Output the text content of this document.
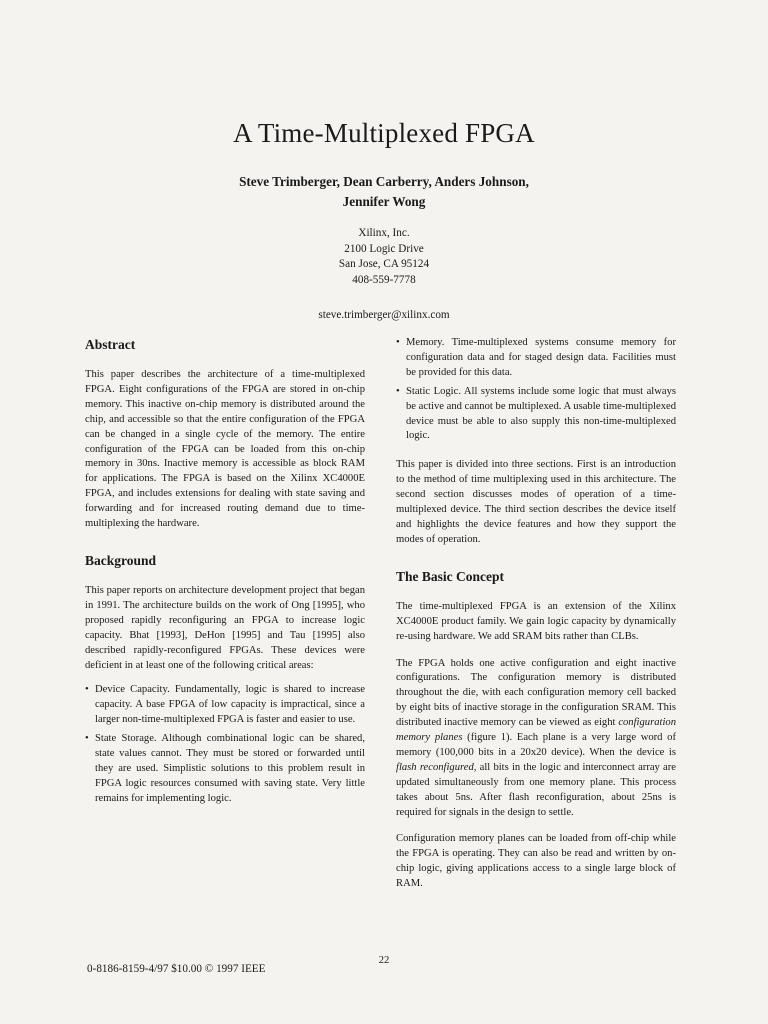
A Time-Multiplexed FPGA
Steve Trimberger, Dean Carberry, Anders Johnson,
Jennifer Wong
Xilinx, Inc.
2100 Logic Drive
San Jose, CA 95124
408-559-7778
steve.trimberger@xilinx.com
Abstract

This paper describes the architecture of a time-multiplexed FPGA. Eight configurations of the FPGA are stored in on-chip memory. This inactive on-chip memory is distributed around the chip, and accessible so that the entire configuration of the FPGA can be changed in a single cycle of the memory. The entire configuration of the FPGA can be loaded from this on-chip memory in 30ns. Inactive memory is accessible as block RAM for applications. The FPGA is based on the Xilinx XC4000E FPGA, and includes extensions for dealing with state saving and forwarding and for increased routing demand due to time-multiplexing the hardware.

Background

This paper reports on architecture development project that began in 1991. The architecture builds on the work of Ong [1995], who proposed rapidly reconfiguring an FPGA to increase logic capacity. Bhat [1993], DeHon [1995] and Tau [1995] also described rapidly-reconfigured FPGAs. These devices were deficient in at least one of the following critical areas:

• Device Capacity. Fundamentally, logic is shared to increase capacity. A base FPGA of low capacity is impractical, since a larger non-time-multiplexed FPGA is faster and easier to use.
• State Storage. Although combinational logic can be shared, state values cannot. They must be stored or forwarded until they are used. Simplistic solutions to this problem result in FPGA logic resources consumed with saving state. Very little remains for implementing logic.
• Memory. Time-multiplexed systems consume memory for configuration data and for staged design data. Facilities must be provided for this data.
• Static Logic. All systems include some logic that must always be active and cannot be multiplexed. A usable time-multiplexed device must be able to also supply this non-time-multiplexed logic.

This paper is divided into three sections. First is an introduction to the method of time multiplexing used in this architecture. The second section discusses modes of operation of a time-multiplexed device. The third section describes the device itself and highlights the device features and how they support the modes of operation.

The Basic Concept

The time-multiplexed FPGA is an extension of the Xilinx XC4000E product family. We gain logic capacity by dynamically re-using hardware. We add SRAM bits rather than CLBs.

The FPGA holds one active configuration and eight inactive configurations. The configuration memory is distributed throughout the die, with each configuration memory cell backed by eight bits of inactive storage in the configuration SRAM. This distributed inactive memory can be viewed as eight configuration memory planes (figure 1). Each plane is a very large word of memory (100,000 bits in a 20x20 device). When the device is flash reconfigured, all bits in the logic and interconnect array are updated simultaneously from one memory plane. This process takes about 5ns. After flash reconfiguration, about 25ns is required for signals in the design to settle.

Configuration memory planes can be loaded from off-chip while the FPGA is operating. They can also be read and written by on-chip logic, giving applications access to a single large block of RAM.

22
0-8186-8159-4/97 $10.00 © 1997 IEEE
